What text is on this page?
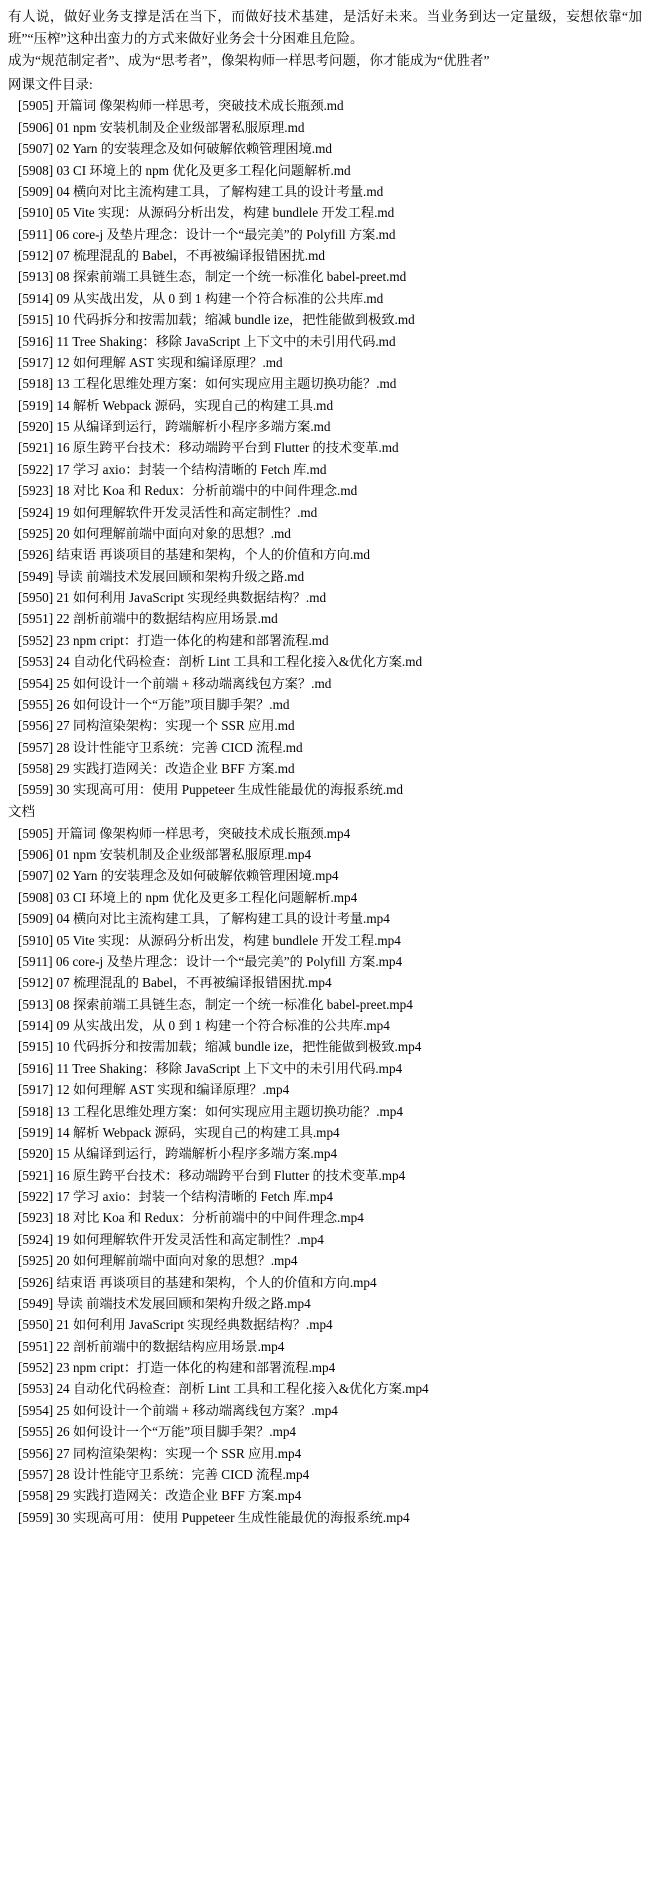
有人说，做好业务支撑是活在当下，而做好技术基建，是活好未来。当业务到达一定量级，妄想依靠“加班”“压榨”这种出蛮力的方式来做好业务会十分困难且危险。

成为“规范制定者”、成为“思考者”，像架构师一样思考问题，你才能成为“优胜者”

网课文件目录:
[5905] 开篇词 像架构师一样思考，突破技术成长瓶颈.md
[5906] 01 npm 安装机制及企业级部署私服原理.md
[5907] 02 Yarn 的安装理念及如何破解依赖管理困境.md
[5908] 03 CI 环境上的 npm 优化及更多工程化问题解析.md
[5909] 04 横向对比主流构建工具，了解构建工具的设计考量.md
[5910] 05 Vite 实现：从源码分析出发，构建 bundlele 开发工程.md
[5911] 06 core-j 及垫片理念：设计一个“最完美”的 Polyfill 方案.md
[5912] 07 梳理混乱的 Babel，不再被编译报错困扰.md
[5913] 08 探索前端工具链生态，制定一个统一标准化 babel-preet.md
[5914] 09 从实战出发，从 0 到 1 构建一个符合标准的公共库.md
[5915] 10 代码拆分和按需加载；缩减 bundle ize，把性能做到极致.md
[5916] 11 Tree Shaking：移除 JavaScript 上下文中的未引用代码.md
[5917] 12 如何理解 AST 实现和编译原理？.md
[5918] 13 工程化思维处理方案：如何实现应用主题切换功能？.md
[5919] 14 解析 Webpack 源码，实现自己的构建工具.md
[5920] 15 从编译到运行，跨端解析小程序多端方案.md
[5921] 16 原生跨平台技术：移动端跨平台到 Flutter 的技术变革.md
[5922] 17 学习 axio：封装一个结构清晰的 Fetch 库.md
[5923] 18 对比 Koa 和 Redux：分析前端中的中间件理念.md
[5924] 19 如何理解软件开发灵活性和高定制性？.md
[5925] 20 如何理解前端中面向对象的思想？.md
[5926] 结束语 再谈项目的基建和架构，个人的价值和方向.md
[5949] 导读 前端技术发展回顾和架构升级之路.md
[5950] 21 如何利用 JavaScript 实现经典数据结构？.md
[5951] 22 剖析前端中的数据结构应用场景.md
[5952] 23 npm cript：打造一体化的构建和部署流程.md
[5953] 24 自动化代码检查：剖析 Lint 工具和工程化接入&优化方案.md
[5954] 25 如何设计一个前端 + 移动端离线包方案？.md
[5955] 26 如何设计一个“万能”项目脚手架？.md
[5956] 27 同构渲染架构：实现一个 SSR 应用.md
[5957] 28 设计性能守卫系统：完善 CICD 流程.md
[5958] 29 实践打造网关：改造企业 BFF 方案.md
[5959] 30 实现高可用：使用 Puppeteer 生成性能最优的海报系统.md
文档
[5905] 开篇词 像架构师一样思考，突破技术成长瓶颈.mp4
[5906] 01 npm 安装机制及企业级部署私服原理.mp4
[5907] 02 Yarn 的安装理念及如何破解依赖管理困境.mp4
[5908] 03 CI 环境上的 npm 优化及更多工程化问题解析.mp4
[5909] 04 横向对比主流构建工具，了解构建工具的设计考量.mp4
[5910] 05 Vite 实现：从源码分析出发，构建 bundlele 开发工程.mp4
[5911] 06 core-j 及垫片理念：设计一个“最完美”的 Polyfill 方案.mp4
[5912] 07 梳理混乱的 Babel，不再被编译报错困扰.mp4
[5913] 08 探索前端工具链生态，制定一个统一标准化 babel-preet.mp4
[5914] 09 从实战出发，从 0 到 1 构建一个符合标准的公共库.mp4
[5915] 10 代码拆分和按需加载；缩减 bundle ize，把性能做到极致.mp4
[5916] 11 Tree Shaking：移除 JavaScript 上下文中的未引用代码.mp4
[5917] 12 如何理解 AST 实现和编译原理？.mp4
[5918] 13 工程化思维处理方案：如何实现应用主题切换功能？.mp4
[5919] 14 解析 Webpack 源码，实现自己的构建工具.mp4
[5920] 15 从编译到运行，跨端解析小程序多端方案.mp4
[5921] 16 原生跨平台技术：移动端跨平台到 Flutter 的技术变革.mp4
[5922] 17 学习 axio：封装一个结构清晰的 Fetch 库.mp4
[5923] 18 对比 Koa 和 Redux：分析前端中的中间件理念.mp4
[5924] 19 如何理解软件开发灵活性和高定制性？.mp4
[5925] 20 如何理解前端中面向对象的思想？.mp4
[5926] 结束语 再谈项目的基建和架构，个人的价值和方向.mp4
[5949] 导读 前端技术发展回顾和架构升级之路.mp4
[5950] 21 如何利用 JavaScript 实现经典数据结构？.mp4
[5951] 22 剖析前端中的数据结构应用场景.mp4
[5952] 23 npm cript：打造一体化的构建和部署流程.mp4
[5953] 24 自动化代码检查：剖析 Lint 工具和工程化接入&优化方案.mp4
[5954] 25 如何设计一个前端 + 移动端离线包方案？.mp4
[5955] 26 如何设计一个“万能”项目脚手架？.mp4
[5956] 27 同构渲染架构：实现一个 SSR 应用.mp4
[5957] 28 设计性能守卫系统：完善 CICD 流程.mp4
[5958] 29 实践打造网关：改造企业 BFF 方案.mp4
[5959] 30 实现高可用：使用 Puppeteer 生成性能最优的海报系统.mp4
